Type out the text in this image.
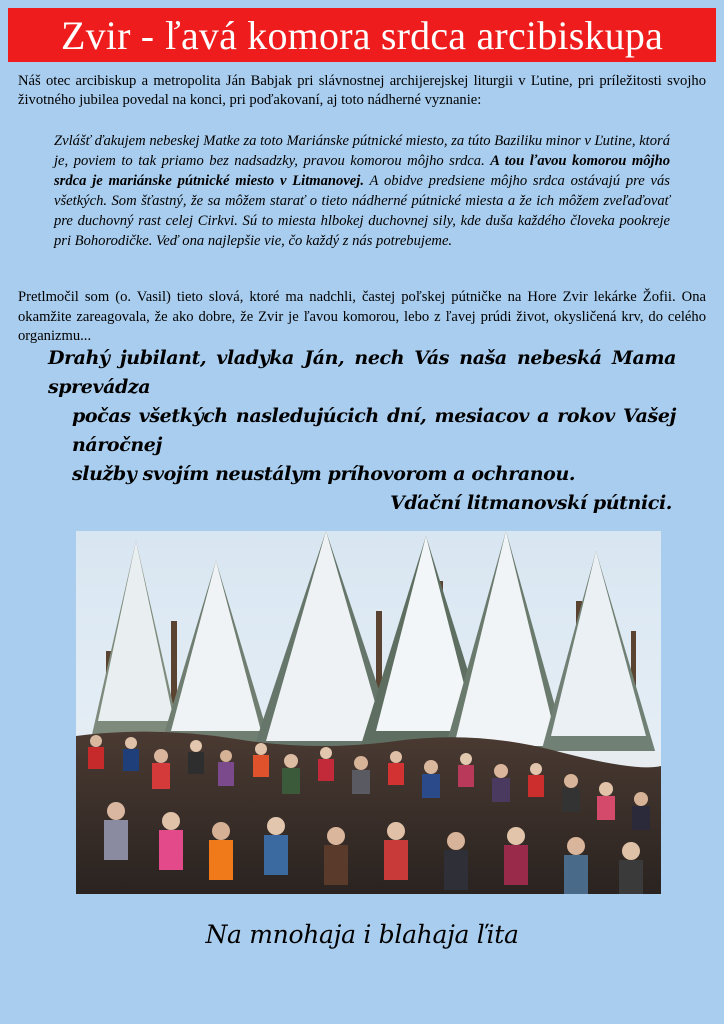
Zvir - ľavá komora srdca arcibiskupa

Náš otec arcibiskup a metropolita Ján Babjak pri slávnostnej archijerejskej liturgii v Ľutine, pri príležitosti svojho životného jubilea povedal na konci, pri poďakovaní, aj toto nádherné vyznanie:

Zvlášť ďakujem nebeskej Matke za toto Mariánske pútnické miesto, za túto Baziliku minor v Ľutine, ktorá je, poviem to tak priamo bez nadsadzky, pravou komorou môjho srdca. A tou ľavou komorou môjho srdca je mariánske pútnické miesto v Litmanovej. A obidve predsiene môjho srdca ostávajú pre vás všetkých. Som šťastný, že sa môžem starať o tieto nádherné pútnické miesta a že ich môžem zveľaďovať pre duchovný rast celej Cirkvi. Sú to miesta hlbokej duchovnej sily, kde duša každého človeka pookreje pri Bohorodičke. Veď ona najlepšie vie, čo každý z nás potrebujeme.

Pretlmočil som (o. Vasil) tieto slová, ktoré ma nadchli, častej poľskej pútničke na Hore Zvir lekárke Žofii. Ona okamžite zareagovala, že ako dobre, že Zvir je ľavou komorou, lebo z ľavej prúdi život, okysličená krv, do celého organizmu...

Drahý jubilant, vladyka Ján, nech Vás naša nebeská Mama sprevádza
počas všetkých nasledujúcich dní, mesiacov a rokov Vašej náročnej
služby svojím neustálym príhovorom a ochranou.
Vďační litmanovskí pútnici.
Na mnohaja i blahaja ľita
